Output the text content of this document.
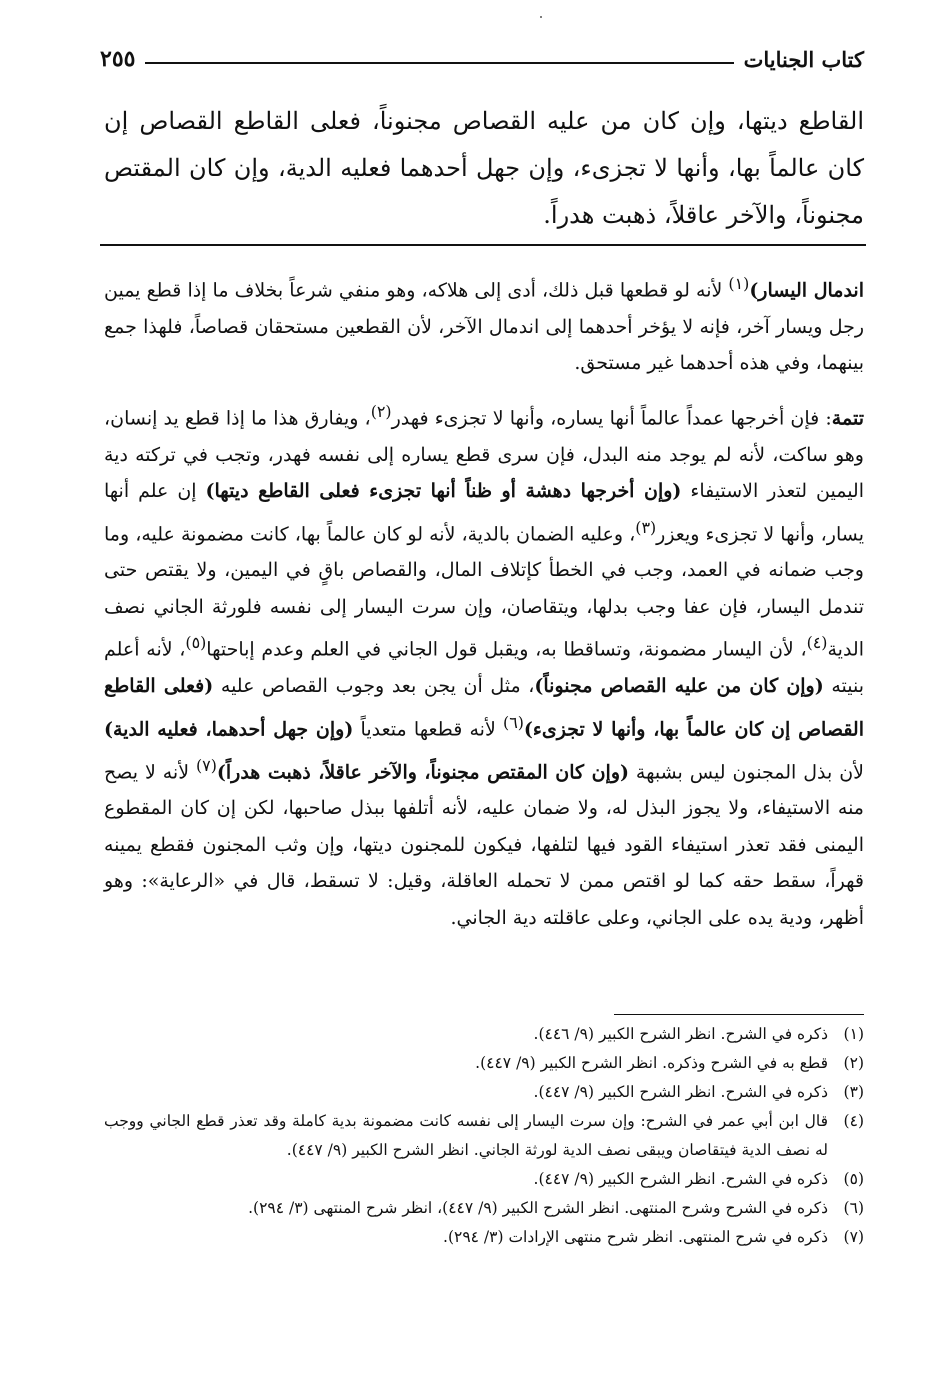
كتاب الجنايات
٢٥٥

القاطع ديتها، وإن كان من عليه القصاص مجنوناً، فعلى القاطع القصاص إن كان عالماً بها، وأنها لا تجزىء، وإن جهل أحدهما فعليه الدية، وإن كان المقتص مجنوناً، والآخر عاقلاً، ذهبت هدراً.

اندمال اليسار)$^{(١)}$ لأنه لو قطعها قبل ذلك، أدى إلى هلاكه، وهو منفي شرعاً بخلاف ما إذا قطع يمين رجل ويسار آخر، فإنه لا يؤخر أحدهما إلى اندمال الآخر، لأن القطعين مستحقان قصاصاً، فلهذا جمع بينهما، وفي هذه أحدهما غير مستحق.

تتمة: فإن أخرجها عمداً عالماً أنها يساره، وأنها لا تجزىء فهدر$^{(٢)}$، ويفارق هذا ما إذا قطع يد إنسان، وهو ساكت، لأنه لم يوجد منه البدل، فإن سرى قطع يساره إلى نفسه فهدر، وتجب في تركته دية اليمين لتعذر الاستيفاء (وإن أخرجها دهشة أو ظناً أنها تجزىء فعلى القاطع ديتها) إن علم أنها يسار، وأنها لا تجزىء ويعزر$^{(٣)}$، وعليه الضمان بالدية، لأنه لو كان عالماً بها، كانت مضمونة عليه، وما وجب ضمانه في العمد، وجب في الخطأ كإتلاف المال، والقصاص باقٍ في اليمين، ولا يقتص حتى تندمل اليسار، فإن عفا وجب بدلها، ويتقاصان، وإن سرت اليسار إلى نفسه فلورثة الجاني نصف الدية$^{(٤)}$، لأن اليسار مضمونة، وتساقطا به، ويقبل قول الجاني في العلم وعدم إباحتها$^{(٥)}$، لأنه أعلم بنيته (وإن كان من عليه القصاص مجنوناً)، مثل أن يجن بعد وجوب القصاص عليه (فعلى القاطع القصاص إن كان عالماً بها، وأنها لا تجزىء)$^{(٦)}$ لأنه قطعها متعدياً (وإن جهل أحدهما، فعليه الدية) لأن بذل المجنون ليس بشبهة (وإن كان المقتص مجنوناً، والآخر عاقلاً، ذهبت هدراً)$^{(٧)}$ لأنه لا يصح منه الاستيفاء، ولا يجوز البذل له، ولا ضمان عليه، لأنه أتلفها ببذل صاحبها، لكن إن كان المقطوع اليمنى فقد تعذر استيفاء القود فيها لتلفها، فيكون للمجنون ديتها، وإن وثب المجنون فقطع يمينه قهراً، سقط حقه كما لو اقتص ممن لا تحمله العاقلة، وقيل: لا تسقط، قال في «الرعاية»: وهو أظهر، ودية يده على الجاني، وعلى عاقلته دية الجاني.

(١)
ذكره في الشرح. انظر الشرح الكبير (٩/ ٤٤٦).
(٢)
قطع به في الشرح وذكره. انظر الشرح الكبير (٩/ ٤٤٧).
(٣)
ذكره في الشرح. انظر الشرح الكبير (٩/ ٤٤٧).
(٤)
قال ابن أبي عمر في الشرح: وإن سرت اليسار إلى نفسه كانت مضمونة بدية كاملة وقد تعذر قطع الجاني ووجب له نصف الدية فيتقاصان ويبقى نصف الدية لورثة الجاني. انظر الشرح الكبير (٩/ ٤٤٧).
(٥)
ذكره في الشرح. انظر الشرح الكبير (٩/ ٤٤٧).
(٦)
ذكره في الشرح وشرح المنتهى. انظر الشرح الكبير (٩/ ٤٤٧)، انظر شرح المنتهى (٣/ ٢٩٤).
(٧)
ذكره في شرح المنتهى. انظر شرح منتهى الإرادات (٣/ ٢٩٤).
